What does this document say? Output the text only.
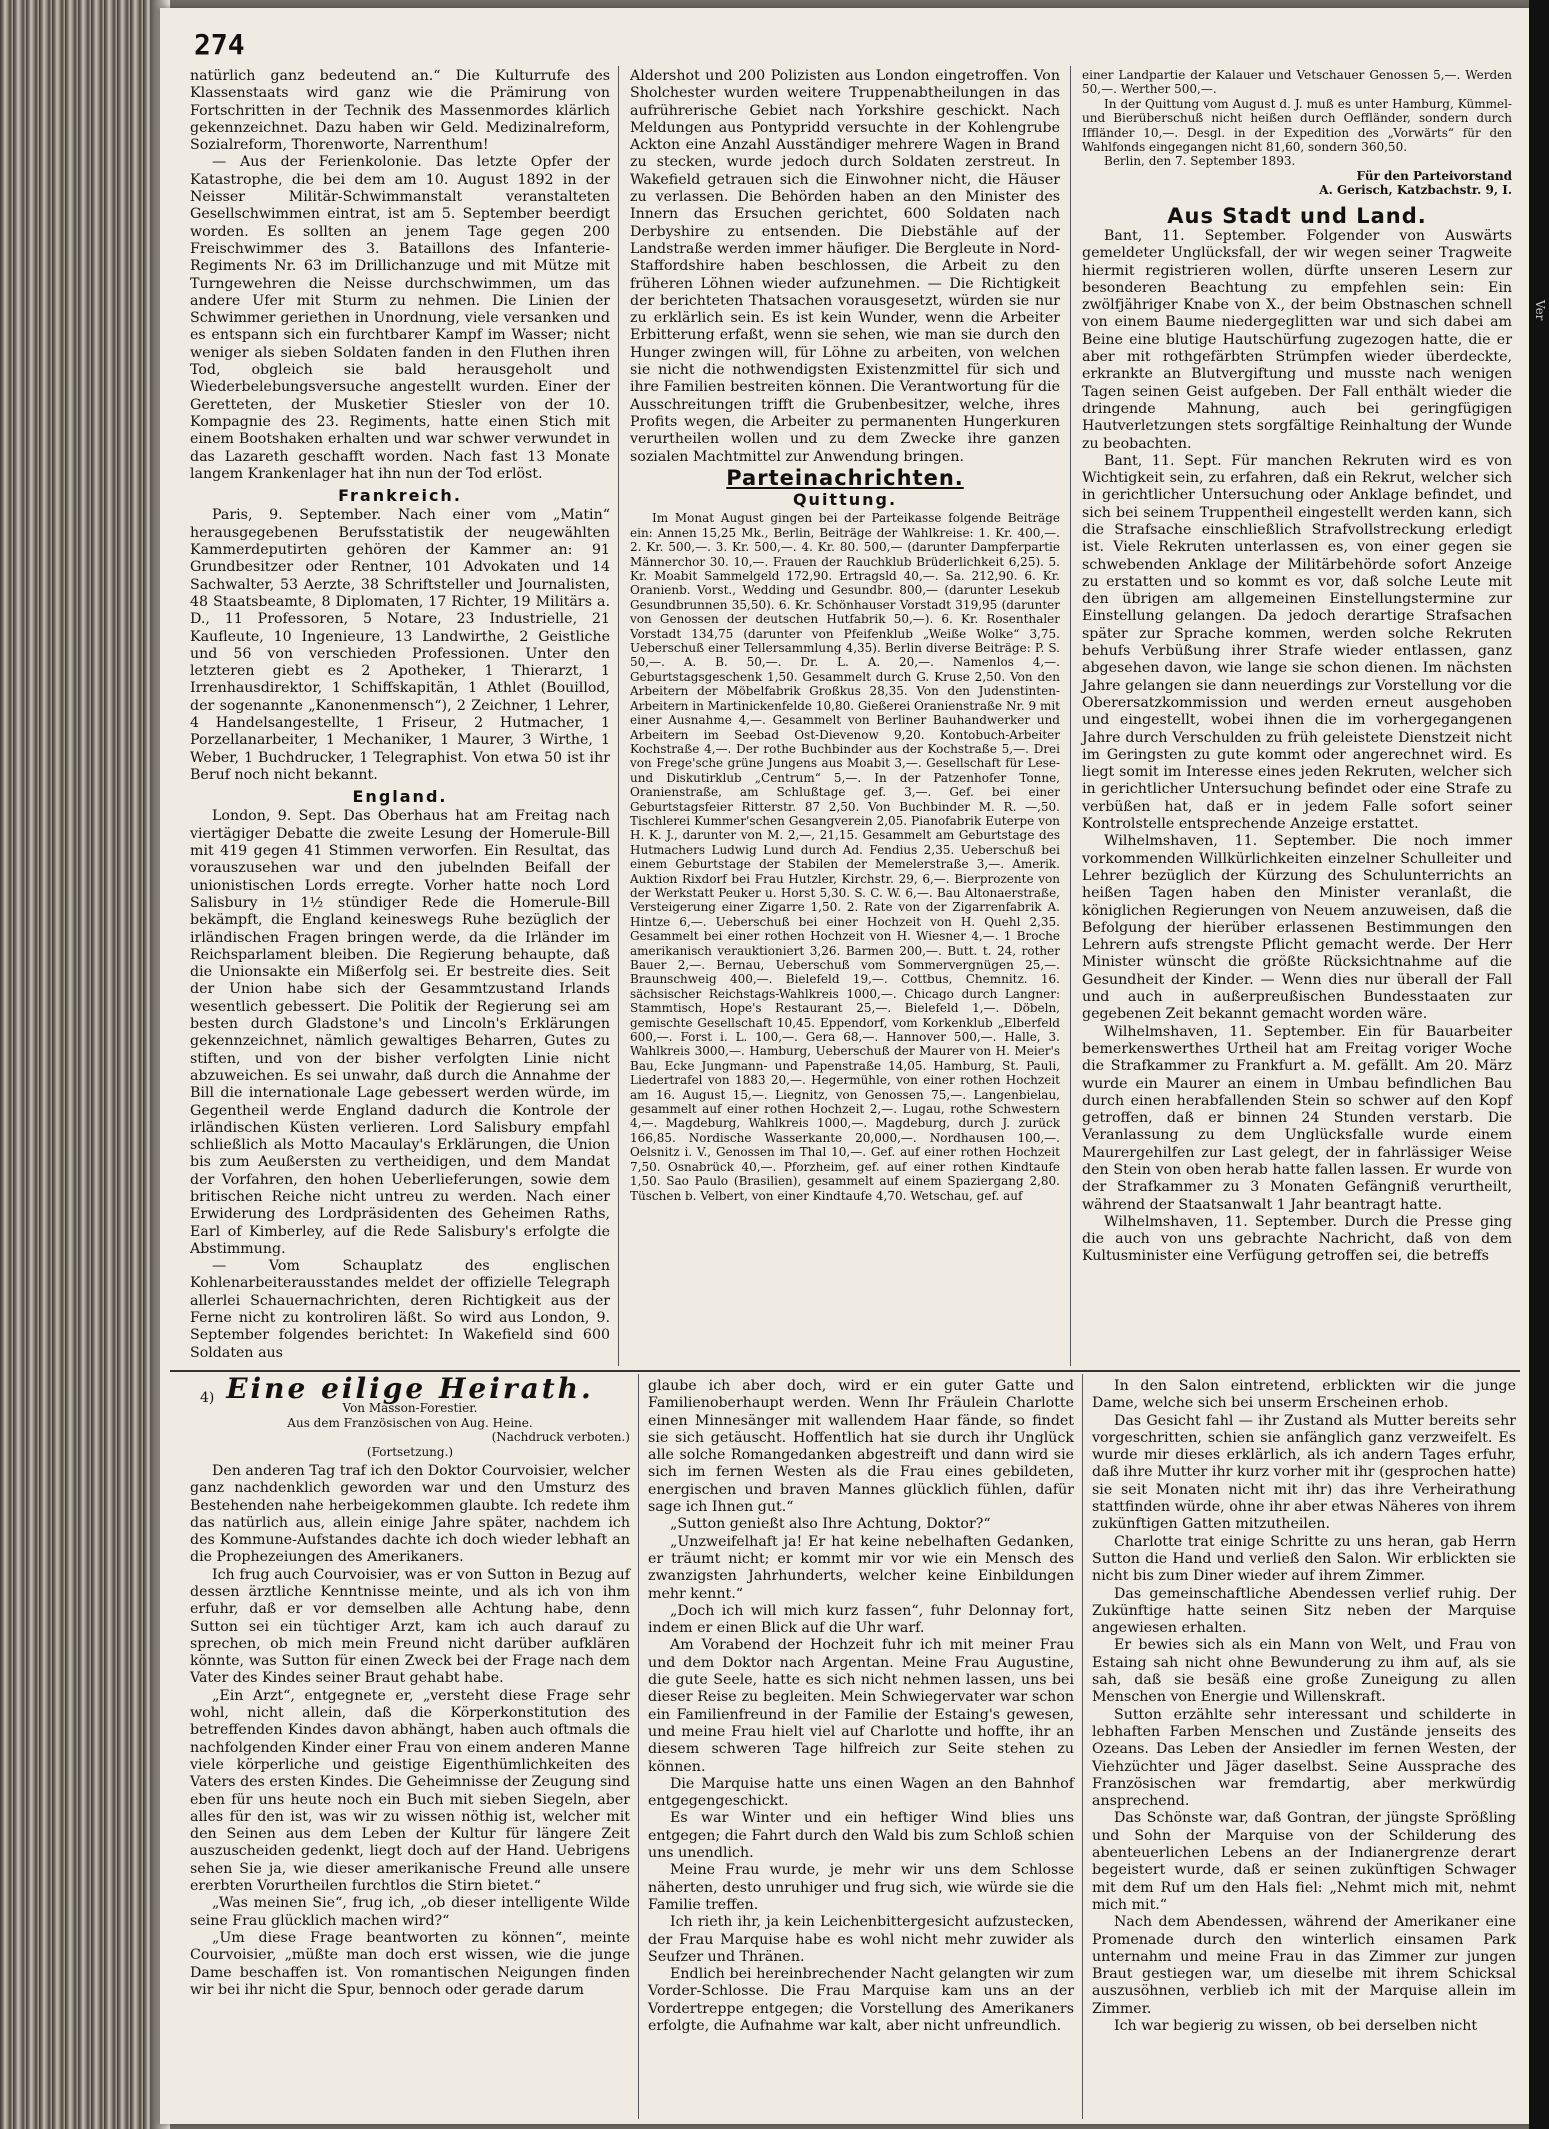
274

natürlich ganz bedeutend an.“ Die Kulturrufe des Klassenstaats wird ganz wie die Prämirung von Fortschritten in der Technik des Massenmordes klärlich gekennzeichnet. Dazu haben wir Geld. Medizinalreform, Sozialreform, Thorenworte, Narrenthum!

— Aus der Ferienkolonie. Das letzte Opfer der Katastrophe, die bei dem am 10. August 1892 in der Neisser Militär-Schwimmanstalt veranstalteten Gesellschwimmen eintrat, ist am 5. September beerdigt worden. Es sollten an jenem Tage gegen 200 Freischwimmer des 3. Bataillons des Infanterie-Regiments Nr. 63 im Drillichanzuge und mit Mütze mit Turngewehren die Neisse durchschwimmen, um das andere Ufer mit Sturm zu nehmen. Die Linien der Schwimmer geriethen in Unordnung, viele versanken und es entspann sich ein furchtbarer Kampf im Wasser; nicht weniger als sieben Soldaten fanden in den Fluthen ihren Tod, obgleich sie bald herausgeholt und Wiederbelebungsversuche angestellt wurden. Einer der Geretteten, der Musketier Stiesler von der 10. Kompagnie des 23. Regiments, hatte einen Stich mit einem Bootshaken erhalten und war schwer verwundet in das Lazareth geschafft worden. Nach fast 13 Monate langem Krankenlager hat ihn nun der Tod erlöst.

Frankreich.

Paris, 9. September. Nach einer vom „Matin“ herausgegebenen Berufsstatistik der neugewählten Kammerdeputirten gehören der Kammer an: 91 Grundbesitzer oder Rentner, 101 Advokaten und 14 Sachwalter, 53 Aerzte, 38 Schriftsteller und Journalisten, 48 Staatsbeamte, 8 Diplomaten, 17 Richter, 19 Militärs a. D., 11 Professoren, 5 Notare, 23 Industrielle, 21 Kaufleute, 10 Ingenieure, 13 Landwirthe, 2 Geistliche und 56 von verschieden Professionen. Unter den letzteren giebt es 2 Apotheker, 1 Thierarzt, 1 Irrenhausdirektor, 1 Schiffskapitän, 1 Athlet (Bouillod, der sogenannte „Kanonenmensch“), 2 Zeichner, 1 Lehrer, 4 Handelsangestellte, 1 Friseur, 2 Hutmacher, 1 Porzellanarbeiter, 1 Mechaniker, 1 Maurer, 3 Wirthe, 1 Weber, 1 Buchdrucker, 1 Telegraphist. Von etwa 50 ist ihr Beruf noch nicht bekannt.

England.

London, 9. Sept. Das Oberhaus hat am Freitag nach viertägiger Debatte die zweite Lesung der Homerule-Bill mit 419 gegen 41 Stimmen verworfen. Ein Resultat, das vorauszusehen war und den jubelnden Beifall der unionistischen Lords erregte. Vorher hatte noch Lord Salisbury in 1½ stündiger Rede die Homerule-Bill bekämpft, die England keineswegs Ruhe bezüglich der irländischen Fragen bringen werde, da die Irländer im Reichsparlament bleiben. Die Regierung behaupte, daß die Unionsakte ein Mißerfolg sei. Er bestreite dies. Seit der Union habe sich der Gesammtzustand Irlands wesentlich gebessert. Die Politik der Regierung sei am besten durch Gladstone's und Lincoln's Erklärungen gekennzeichnet, nämlich gewaltiges Beharren, Gutes zu stiften, und von der bisher verfolgten Linie nicht abzuweichen. Es sei unwahr, daß durch die Annahme der Bill die internationale Lage gebessert werden würde, im Gegentheil werde England dadurch die Kontrole der irländischen Küsten verlieren. Lord Salisbury empfahl schließlich als Motto Macaulay's Erklärungen, die Union bis zum Aeußersten zu vertheidigen, und dem Mandat der Vorfahren, den hohen Ueberlieferungen, sowie dem britischen Reiche nicht untreu zu werden. Nach einer Erwiderung des Lordpräsidenten des Geheimen Raths, Earl of Kimberley, auf die Rede Salisbury's erfolgte die Abstimmung.

— Vom Schauplatz des englischen Kohlenarbeiterausstandes meldet der offizielle Telegraph allerlei Schauernachrichten, deren Richtigkeit aus der Ferne nicht zu kontroliren läßt. So wird aus London, 9. September folgendes berichtet: In Wakefield sind 600 Soldaten aus

Aldershot und 200 Polizisten aus London eingetroffen. Von Sholchester wurden weitere Truppenabtheilungen in das aufrührerische Gebiet nach Yorkshire geschickt. Nach Meldungen aus Pontypridd versuchte in der Kohlengrube Ackton eine Anzahl Ausständiger mehrere Wagen in Brand zu stecken, wurde jedoch durch Soldaten zerstreut. In Wakefield getrauen sich die Einwohner nicht, die Häuser zu verlassen. Die Behörden haben an den Minister des Innern das Ersuchen gerichtet, 600 Soldaten nach Derbyshire zu entsenden. Die Diebstähle auf der Landstraße werden immer häufiger. Die Bergleute in Nord-Staffordshire haben beschlossen, die Arbeit zu den früheren Löhnen wieder aufzunehmen. — Die Richtigkeit der berichteten Thatsachen vorausgesetzt, würden sie nur zu erklärlich sein. Es ist kein Wunder, wenn die Arbeiter Erbitterung erfaßt, wenn sie sehen, wie man sie durch den Hunger zwingen will, für Löhne zu arbeiten, von welchen sie nicht die nothwendigsten Existenzmittel für sich und ihre Familien bestreiten können. Die Verantwortung für die Ausschreitungen trifft die Grubenbesitzer, welche, ihres Profits wegen, die Arbeiter zu permanenten Hungerkuren verurtheilen wollen und zu dem Zwecke ihre ganzen sozialen Machtmittel zur Anwendung bringen.

Parteinachrichten.
Quittung.

Im Monat August gingen bei der Parteikasse folgende Beiträge ein: Annen 15,25 Mk., Berlin, Beiträge der Wahlkreise: 1. Kr. 400,—. 2. Kr. 500,—. 3. Kr. 500,—. 4. Kr. 80. 500,— (darunter Dampferpartie Männerchor 30. 10,—. Frauen der Rauchklub Brüderlichkeit 6,25). 5. Kr. Moabit Sammelgeld 172,90. Ertragsld 40,—. Sa. 212,90. 6. Kr. Oranienb. Vorst., Wedding und Gesundbr. 800,— (darunter Lesekub Gesundbrunnen 35,50). 6. Kr. Schönhauser Vorstadt 319,95 (darunter von Genossen der deutschen Hutfabrik 50,—). 6. Kr. Rosenthaler Vorstadt 134,75 (darunter von Pfeifenklub „Weiße Wolke“ 3,75. Ueberschuß einer Tellersammlung 4,35). Berlin diverse Beiträge: P. S. 50,—. A. B. 50,—. Dr. L. A. 20,—. Namenlos 4,—. Geburtstagsgeschenk 1,50. Gesammelt durch G. Kruse 2,50. Von den Arbeitern der Möbelfabrik Großkus 28,35. Von den Judenstinten-Arbeitern in Martinickenfelde 10,80. Gießerei Oranienstraße Nr. 9 mit einer Ausnahme 4,—. Gesammelt von Berliner Bauhandwerker und Arbeitern im Seebad Ost-Dievenow 9,20. Kontobuch-Arbeiter Kochstraße 4,—. Der rothe Buchbinder aus der Kochstraße 5,—. Drei von Frege'sche grüne Jungens aus Moabit 3,—. Gesellschaft für Lese- und Diskutirklub „Centrum“ 5,—. In der Patzenhofer Tonne, Oranienstraße, am Schlußtage gef. 3,—. Gef. bei einer Geburtstagsfeier Ritterstr. 87 2,50. Von Buchbinder M. R. —,50. Tischlerei Kummer'schen Gesangverein 2,05. Pianofabrik Euterpe von H. K. J., darunter von M. 2,—, 21,15. Gesammelt am Geburtstage des Hutmachers Ludwig Lund durch Ad. Fendius 2,35. Ueberschuß bei einem Geburtstage der Stabilen der Memelerstraße 3,—. Amerik. Auktion Rixdorf bei Frau Hutzler, Kirchstr. 29, 6,—. Bierprozente von der Werkstatt Peuker u. Horst 5,30. S. C. W. 6,—. Bau Altonaerstraße, Versteigerung einer Zigarre 1,50. 2. Rate von der Zigarrenfabrik A. Hintze 6,—. Ueberschuß bei einer Hochzeit von H. Quehl 2,35. Gesammelt bei einer rothen Hochzeit von H. Wiesner 4,—. 1 Broche amerikanisch verauktioniert 3,26. Barmen 200,—. Butt. t. 24, rother Bauer 2,—. Bernau, Ueberschuß vom Sommervergnügen 25,—. Braunschweig 400,—. Bielefeld 19,—. Cottbus, Chemnitz. 16. sächsischer Reichstags-Wahlkreis 1000,—. Chicago durch Langner: Stammtisch, Hope's Restaurant 25,—. Bielefeld 1,—. Döbeln, gemischte Gesellschaft 10,45. Eppendorf, vom Korkenklub „Elberfeld 600,—. Forst i. L. 100,—. Gera 68,—. Hannover 500,—. Halle, 3. Wahlkreis 3000,—. Hamburg, Ueberschuß der Maurer von H. Meier's Bau, Ecke Jungmann- und Papenstraße 14,05. Hamburg, St. Pauli, Liedertrafel von 1883 20,—. Hegermühle, von einer rothen Hochzeit am 16. August 15,—. Liegnitz, von Genossen 75,—. Langenbielau, gesammelt auf einer rothen Hochzeit 2,—. Lugau, rothe Schwestern 4,—. Magdeburg, Wahlkreis 1000,—. Magdeburg, durch J. zurück 166,85. Nordische Wasserkante 20,000,—. Nordhausen 100,—. Oelsnitz i. V., Genossen im Thal 10,—. Gef. auf einer rothen Hochzeit 7,50. Osnabrück 40,—. Pforzheim, gef. auf einer rothen Kindtaufe 1,50. Sao Paulo (Brasilien), gesammelt auf einem Spaziergang 2,80. Tüschen b. Velbert, von einer Kindtaufe 4,70. Wetschau, gef. auf

einer Landpartie der Kalauer und Vetschauer Genossen 5,—. Werden 50,—. Werther 500,—.

In der Quittung vom August d. J. muß es unter Hamburg, Kümmel- und Bierüberschuß nicht heißen durch Oeffländer, sondern durch Iffländer 10,—. Desgl. in der Expedition des „Vorwärts“ für den Wahlfonds eingegangen nicht 81,60, sondern 360,50.

Berlin, den 7. September 1893.

Für den Parteivorstand
A. Gerisch, Katzbachstr. 9, I.
Aus Stadt und Land.

Bant, 11. September. Folgender von Auswärts gemeldeter Unglücksfall, der wir wegen seiner Tragweite hiermit registrieren wollen, dürfte unseren Lesern zur besonderen Beachtung zu empfehlen sein: Ein zwölfjähriger Knabe von X., der beim Obstnaschen schnell von einem Baume niedergeglitten war und sich dabei am Beine eine blutige Hautschürfung zugezogen hatte, die er aber mit rothgefärbten Strümpfen wieder überdeckte, erkrankte an Blutvergiftung und musste nach wenigen Tagen seinen Geist aufgeben. Der Fall enthält wieder die dringende Mahnung, auch bei geringfügigen Hautverletzungen stets sorgfältige Reinhaltung der Wunde zu beobachten.

Bant, 11. Sept. Für manchen Rekruten wird es von Wichtigkeit sein, zu erfahren, daß ein Rekrut, welcher sich in gerichtlicher Untersuchung oder Anklage befindet, und sich bei seinem Truppentheil eingestellt werden kann, sich die Strafsache einschließlich Strafvollstreckung erledigt ist. Viele Rekruten unterlassen es, von einer gegen sie schwebenden Anklage der Militärbehörde sofort Anzeige zu erstatten und so kommt es vor, daß solche Leute mit den übrigen am allgemeinen Einstellungstermine zur Einstellung gelangen. Da jedoch derartige Strafsachen später zur Sprache kommen, werden solche Rekruten behufs Verbüßung ihrer Strafe wieder entlassen, ganz abgesehen davon, wie lange sie schon dienen. Im nächsten Jahre gelangen sie dann neuerdings zur Vorstellung vor die Oberersatzkommission und werden erneut ausgehoben und eingestellt, wobei ihnen die im vorhergegangenen Jahre durch Verschulden zu früh geleistete Dienstzeit nicht im Geringsten zu gute kommt oder angerechnet wird. Es liegt somit im Interesse eines jeden Rekruten, welcher sich in gerichtlicher Untersuchung befindet oder eine Strafe zu verbüßen hat, daß er in jedem Falle sofort seiner Kontrolstelle entsprechende Anzeige erstattet.

Wilhelmshaven, 11. September. Die noch immer vorkommenden Willkürlichkeiten einzelner Schulleiter und Lehrer bezüglich der Kürzung des Schulunterrichts an heißen Tagen haben den Minister veranlaßt, die königlichen Regierungen von Neuem anzuweisen, daß die Befolgung der hierüber erlassenen Bestimmungen den Lehrern aufs strengste Pflicht gemacht werde. Der Herr Minister wünscht die größte Rücksichtnahme auf die Gesundheit der Kinder. — Wenn dies nur überall der Fall und auch in außerpreußischen Bundesstaaten zur gegebenen Zeit bekannt gemacht worden wäre.

Wilhelmshaven, 11. September. Ein für Bauarbeiter bemerkenswerthes Urtheil hat am Freitag voriger Woche die Strafkammer zu Frankfurt a. M. gefällt. Am 20. März wurde ein Maurer an einem in Umbau befindlichen Bau durch einen herabfallenden Stein so schwer auf den Kopf getroffen, daß er binnen 24 Stunden verstarb. Die Veranlassung zu dem Unglücksfalle wurde einem Maurergehilfen zur Last gelegt, der in fahrlässiger Weise den Stein von oben herab hatte fallen lassen. Er wurde von der Strafkammer zu 3 Monaten Gefängniß verurtheilt, während der Staatsanwalt 1 Jahr beantragt hatte.

Wilhelmshaven, 11. September. Durch die Presse ging die auch von uns gebrachte Nachricht, daß von dem Kultusminister eine Verfügung getroffen sei, die betreffs

4) Eine eilige Heirath.
Von Masson-Forestier.
Aus dem Französischen von Aug. Heine.
(Nachdruck verboten.)
(Fortsetzung.)

Den anderen Tag traf ich den Doktor Courvoisier, welcher ganz nachdenklich geworden war und den Umsturz des Bestehenden nahe herbeigekommen glaubte. Ich redete ihm das natürlich aus, allein einige Jahre später, nachdem ich des Kommune-Aufstandes dachte ich doch wieder lebhaft an die Prophezeiungen des Amerikaners.

Ich frug auch Courvoisier, was er von Sutton in Bezug auf dessen ärztliche Kenntnisse meinte, und als ich von ihm erfuhr, daß er vor demselben alle Achtung habe, denn Sutton sei ein tüchtiger Arzt, kam ich auch darauf zu sprechen, ob mich mein Freund nicht darüber aufklären könnte, was Sutton für einen Zweck bei der Frage nach dem Vater des Kindes seiner Braut gehabt habe.

„Ein Arzt“, entgegnete er, „versteht diese Frage sehr wohl, nicht allein, daß die Körperkonstitution des betreffenden Kindes davon abhängt, haben auch oftmals die nachfolgenden Kinder einer Frau von einem anderen Manne viele körperliche und geistige Eigenthümlichkeiten des Vaters des ersten Kindes. Die Geheimnisse der Zeugung sind eben für uns heute noch ein Buch mit sieben Siegeln, aber alles für den ist, was wir zu wissen nöthig ist, welcher mit den Seinen aus dem Leben der Kultur für längere Zeit auszuscheiden gedenkt, liegt doch auf der Hand. Uebrigens sehen Sie ja, wie dieser amerikanische Freund alle unsere ererbten Vorurtheilen furchtlos die Stirn bietet.“

„Was meinen Sie“, frug ich, „ob dieser intelligente Wilde seine Frau glücklich machen wird?“

„Um diese Frage beantworten zu können“, meinte Courvoisier, „müßte man doch erst wissen, wie die junge Dame beschaffen ist. Von romantischen Neigungen finden wir bei ihr nicht die Spur, bennoch oder gerade darum

glaube ich aber doch, wird er ein guter Gatte und Familienoberhaupt werden. Wenn Ihr Fräulein Charlotte einen Minnesänger mit wallendem Haar fände, so findet sie sich getäuscht. Hoffentlich hat sie durch ihr Unglück alle solche Romangedanken abgestreift und dann wird sie sich im fernen Westen als die Frau eines gebildeten, energischen und braven Mannes glücklich fühlen, dafür sage ich Ihnen gut.“

„Sutton genießt also Ihre Achtung, Doktor?“

„Unzweifelhaft ja! Er hat keine nebelhaften Gedanken, er träumt nicht; er kommt mir vor wie ein Mensch des zwanzigsten Jahrhunderts, welcher keine Einbildungen mehr kennt.“

„Doch ich will mich kurz fassen“, fuhr Delonnay fort, indem er einen Blick auf die Uhr warf.

Am Vorabend der Hochzeit fuhr ich mit meiner Frau und dem Doktor nach Argentan. Meine Frau Augustine, die gute Seele, hatte es sich nicht nehmen lassen, uns bei dieser Reise zu begleiten. Mein Schwiegervater war schon ein Familienfreund in der Familie der Estaing's gewesen, und meine Frau hielt viel auf Charlotte und hoffte, ihr an diesem schweren Tage hilfreich zur Seite stehen zu können.

Die Marquise hatte uns einen Wagen an den Bahnhof entgegengeschickt.

Es war Winter und ein heftiger Wind blies uns entgegen; die Fahrt durch den Wald bis zum Schloß schien uns unendlich.

Meine Frau wurde, je mehr wir uns dem Schlosse näherten, desto unruhiger und frug sich, wie würde sie die Familie treffen.

Ich rieth ihr, ja kein Leichenbittergesicht aufzustecken, der Frau Marquise habe es wohl nicht mehr zuwider als Seufzer und Thränen.

Endlich bei hereinbrechender Nacht gelangten wir zum Vorder-Schlosse. Die Frau Marquise kam uns an der Vordertreppe entgegen; die Vorstellung des Amerikaners erfolgte, die Aufnahme war kalt, aber nicht unfreundlich.

In den Salon eintretend, erblickten wir die junge Dame, welche sich bei unserm Erscheinen erhob.

Das Gesicht fahl — ihr Zustand als Mutter bereits sehr vorgeschritten, schien sie anfänglich ganz verzweifelt. Es wurde mir dieses erklärlich, als ich andern Tages erfuhr, daß ihre Mutter ihr kurz vorher mit ihr (gesprochen hatte) sie seit Monaten nicht mit ihr) das ihre Verheirathung stattfinden würde, ohne ihr aber etwas Näheres von ihrem zukünftigen Gatten mitzutheilen.

Charlotte trat einige Schritte zu uns heran, gab Herrn Sutton die Hand und verließ den Salon. Wir erblickten sie nicht bis zum Diner wieder auf ihrem Zimmer.

Das gemeinschaftliche Abendessen verlief ruhig. Der Zukünftige hatte seinen Sitz neben der Marquise angewiesen erhalten.

Er bewies sich als ein Mann von Welt, und Frau von Estaing sah nicht ohne Bewunderung zu ihm auf, als sie sah, daß sie besäß eine große Zuneigung zu allen Menschen von Energie und Willenskraft.

Sutton erzählte sehr interessant und schilderte in lebhaften Farben Menschen und Zustände jenseits des Ozeans. Das Leben der Ansiedler im fernen Westen, der Viehzüchter und Jäger daselbst. Seine Aussprache des Französischen war fremdartig, aber merkwürdig ansprechend.

Das Schönste war, daß Gontran, der jüngste Sprößling und Sohn der Marquise von der Schilderung des abenteuerlichen Lebens an der Indianergrenze derart begeistert wurde, daß er seinen zukünftigen Schwager mit dem Ruf um den Hals fiel: „Nehmt mich mit, nehmt mich mit.“

Nach dem Abendessen, während der Amerikaner eine Promenade durch den winterlich einsamen Park unternahm und meine Frau in das Zimmer zur jungen Braut gestiegen war, um dieselbe mit ihrem Schicksal auszusöhnen, verblieb ich mit der Marquise allein im Zimmer.

Ich war begierig zu wissen, ob bei derselben nicht

Ver
